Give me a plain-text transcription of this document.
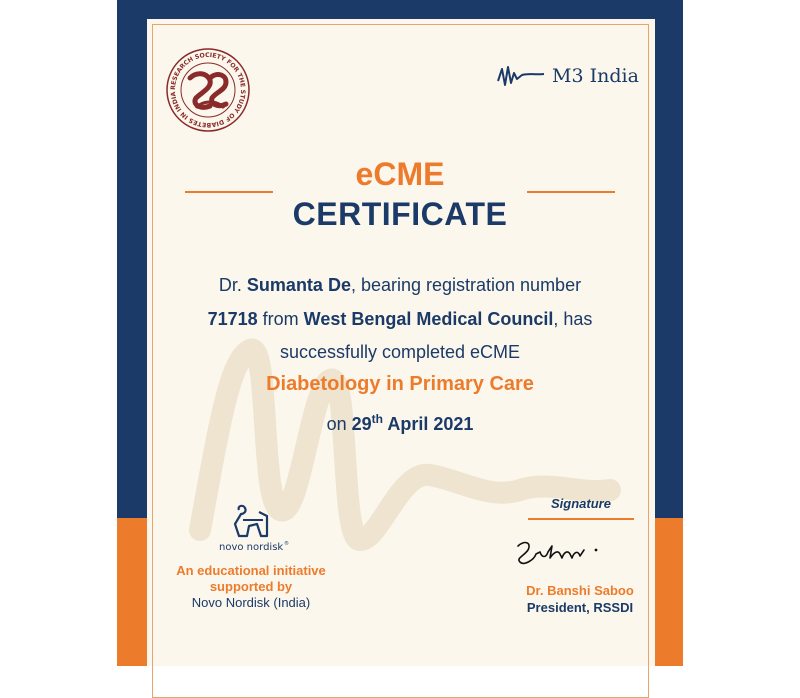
RESEARCH SOCIETY FOR THE STUDY OF DIABETES IN INDIA
M3 India
eCME
CERTIFICATE
Dr. Sumanta De, bearing registration number
71718 from West Bengal Medical Council, has
successfully completed eCME
Diabetology in Primary Care
on 29th April 2021
novo nordisk ®
An educational initiative
supported by
Novo Nordisk (India)
Signature
Dr. Banshi Saboo
President, RSSDI
